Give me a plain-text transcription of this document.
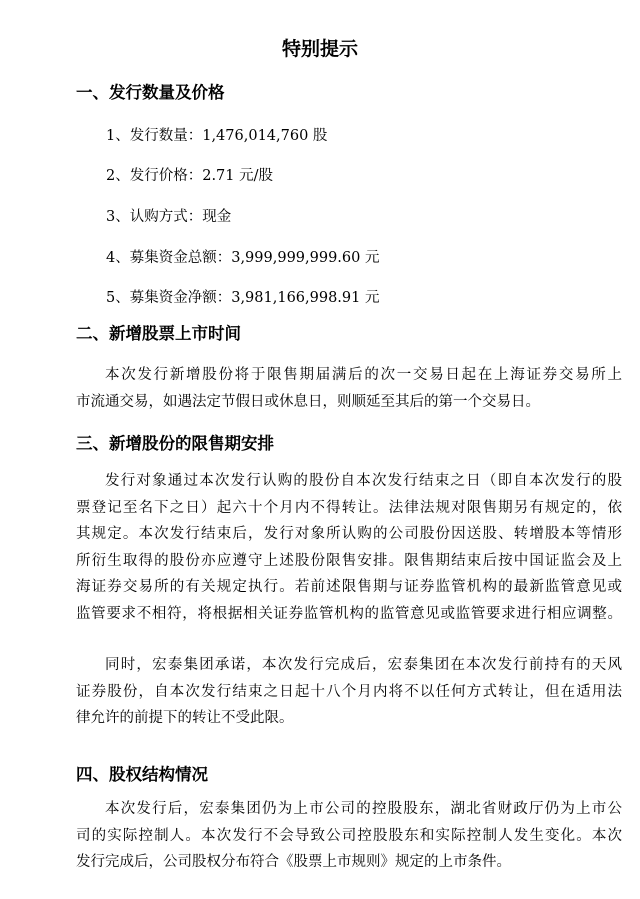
特别提示
一、发行数量及价格
1、发行数量：1,476,014,760 股
2、发行价格：2.71 元/股
3、认购方式：现金
4、募集资金总额：3,999,999,999.60 元
5、募集资金净额：3,981,166,998.91 元
二、新增股票上市时间
本次发行新增股份将于限售期届满后的次一交易日起在上海证券交易所上
市流通交易，如遇法定节假日或休息日，则顺延至其后的第一个交易日。
三、新增股份的限售期安排
发行对象通过本次发行认购的股份自本次发行结束之日（即自本次发行的股
票登记至名下之日）起六十个月内不得转让。法律法规对限售期另有规定的，依
其规定。本次发行结束后，发行对象所认购的公司股份因送股、转增股本等情形
所衍生取得的股份亦应遵守上述股份限售安排。限售期结束后按中国证监会及上
海证券交易所的有关规定执行。若前述限售期与证券监管机构的最新监管意见或
监管要求不相符，将根据相关证券监管机构的监管意见或监管要求进行相应调整。
同时，宏泰集团承诺，本次发行完成后，宏泰集团在本次发行前持有的天风
证券股份，自本次发行结束之日起十八个月内将不以任何方式转让，但在适用法
律允许的前提下的转让不受此限。
四、股权结构情况
本次发行后，宏泰集团仍为上市公司的控股股东，湖北省财政厅仍为上市公
司的实际控制人。本次发行不会导致公司控股股东和实际控制人发生变化。本次
发行完成后，公司股权分布符合《股票上市规则》规定的上市条件。
